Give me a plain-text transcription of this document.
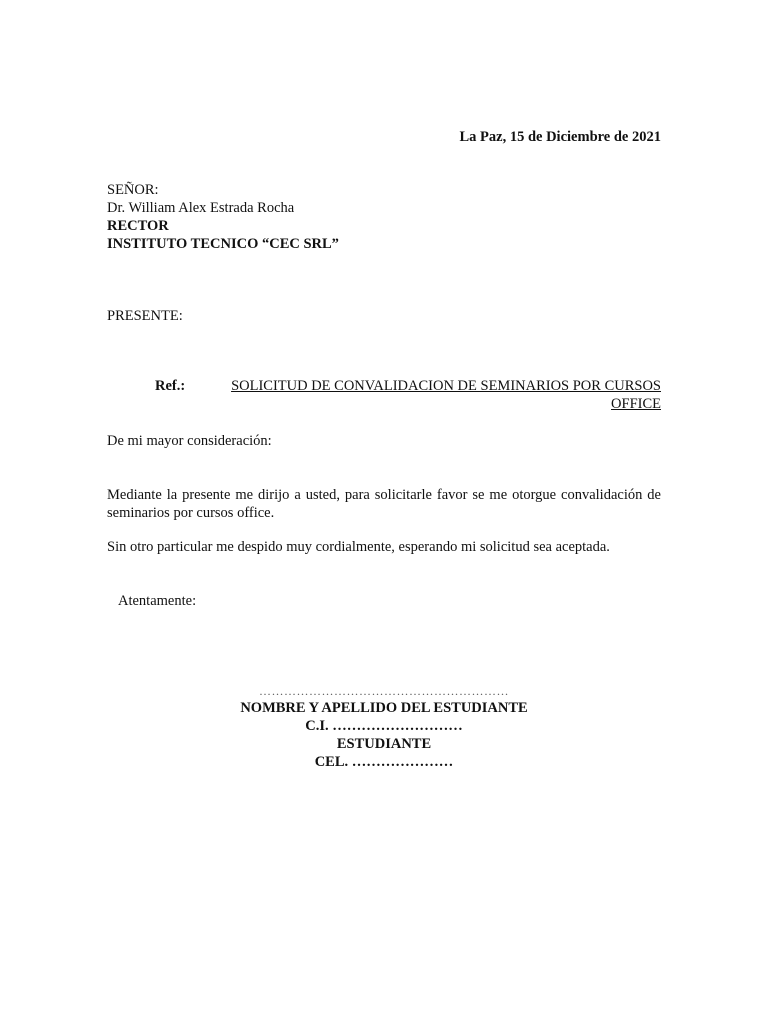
La Paz, 15 de Diciembre de 2021
SEÑOR:
Dr. William Alex Estrada Rocha
RECTOR
INSTITUTO TECNICO “CEC SRL”
PRESENTE:
Ref.:	SOLICITUD DE CONVALIDACION DE SEMINARIOS POR CURSOS
OFFICE
De mi mayor consideración:
Mediante la presente me dirijo a usted, para solicitarle favor se me otorgue convalidación de seminarios por cursos office.
Sin otro particular me despido muy cordialmente, esperando mi solicitud sea aceptada.
Atentamente:
……………………………………………………
NOMBRE Y APELLIDO DEL ESTUDIANTE
C.I. ………………………
ESTUDIANTE
CEL. …………………
